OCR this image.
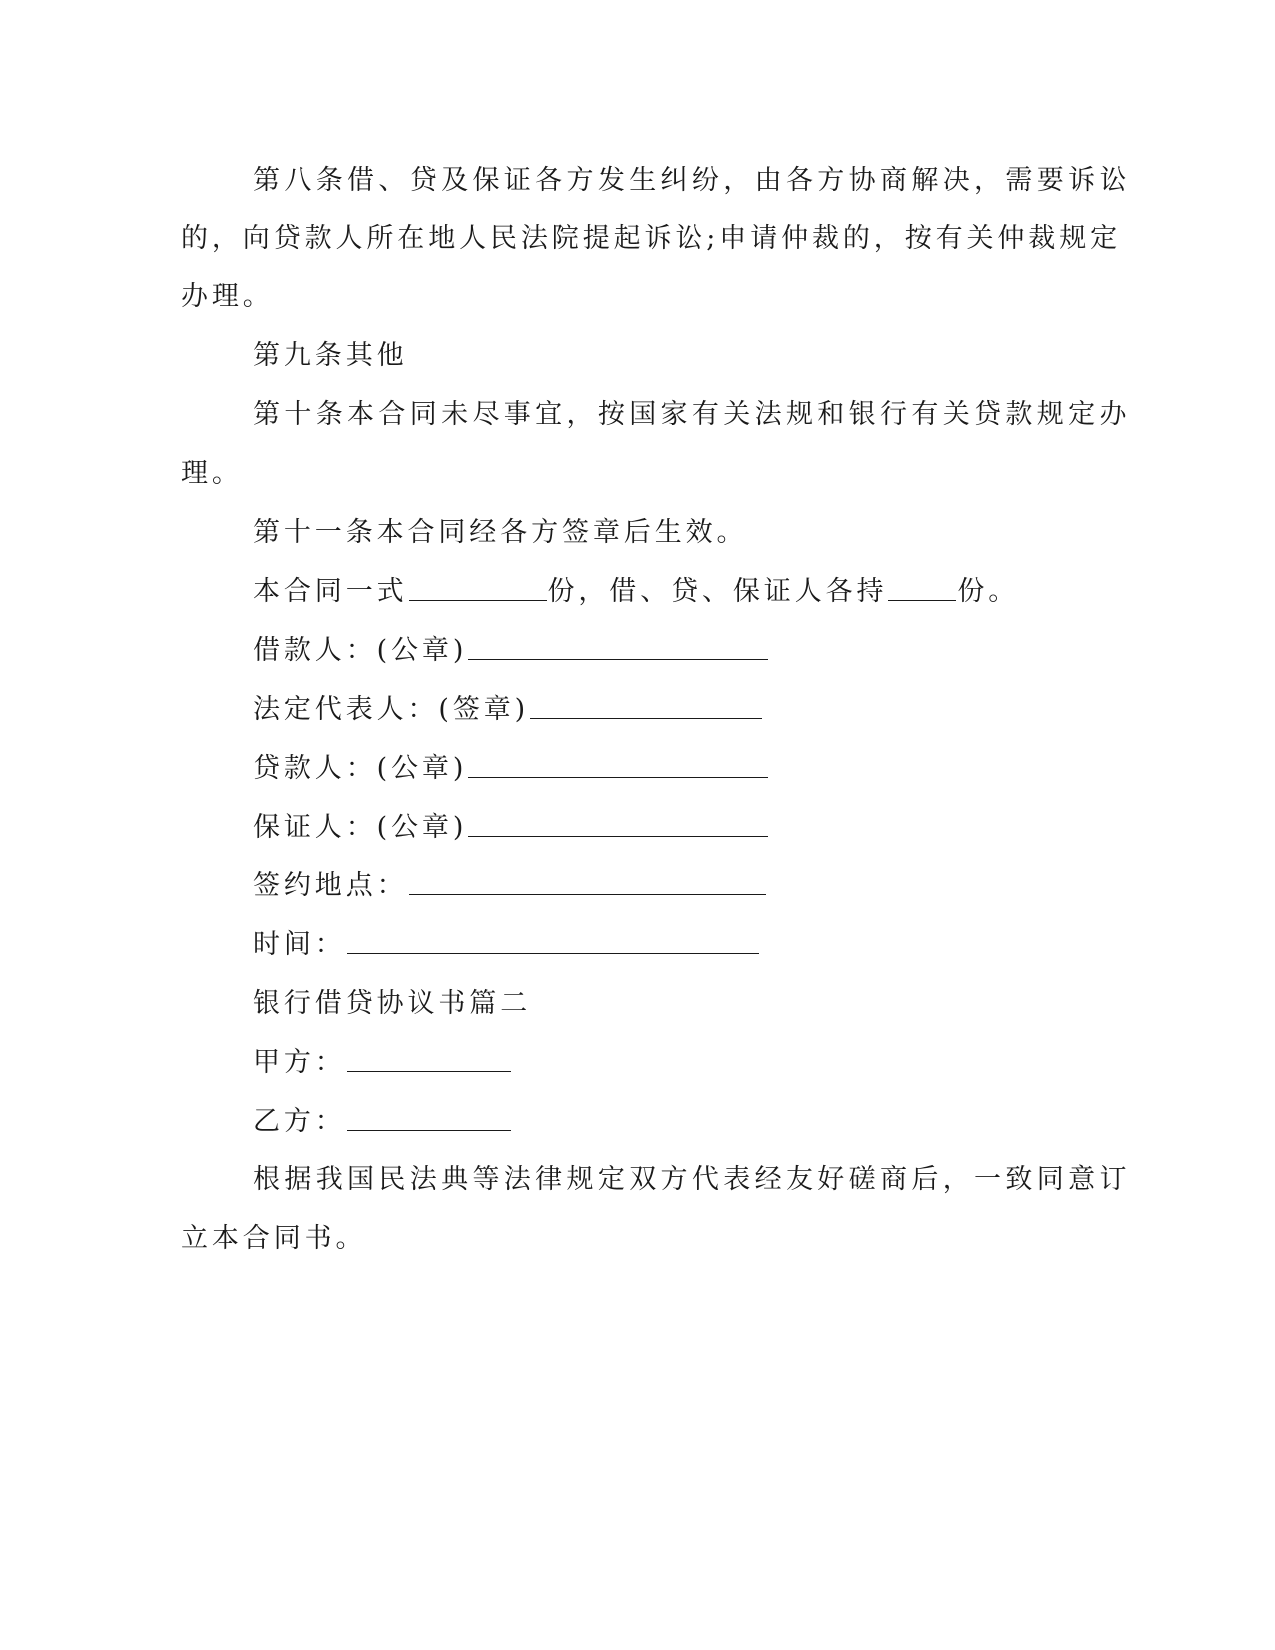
第八条借、贷及保证各方发生纠纷，由各方协商解决，需要诉讼
的，向贷款人所在地人民法院提起诉讼;申请仲裁的，按有关仲裁规定
办理。
第九条其他
第十条本合同未尽事宜，按国家有关法规和银行有关贷款规定办
理。
第十一条本合同经各方签章后生效。
本合同一式	份，借、贷、保证人各持	份。
借款人：(公章)
法定代表人：(签章)
贷款人：(公章)
保证人：(公章)
签约地点：
时间：
银行借贷协议书篇二
甲方：
乙方：
根据我国民法典等法律规定双方代表经友好磋商后，一致同意订
立本合同书。
